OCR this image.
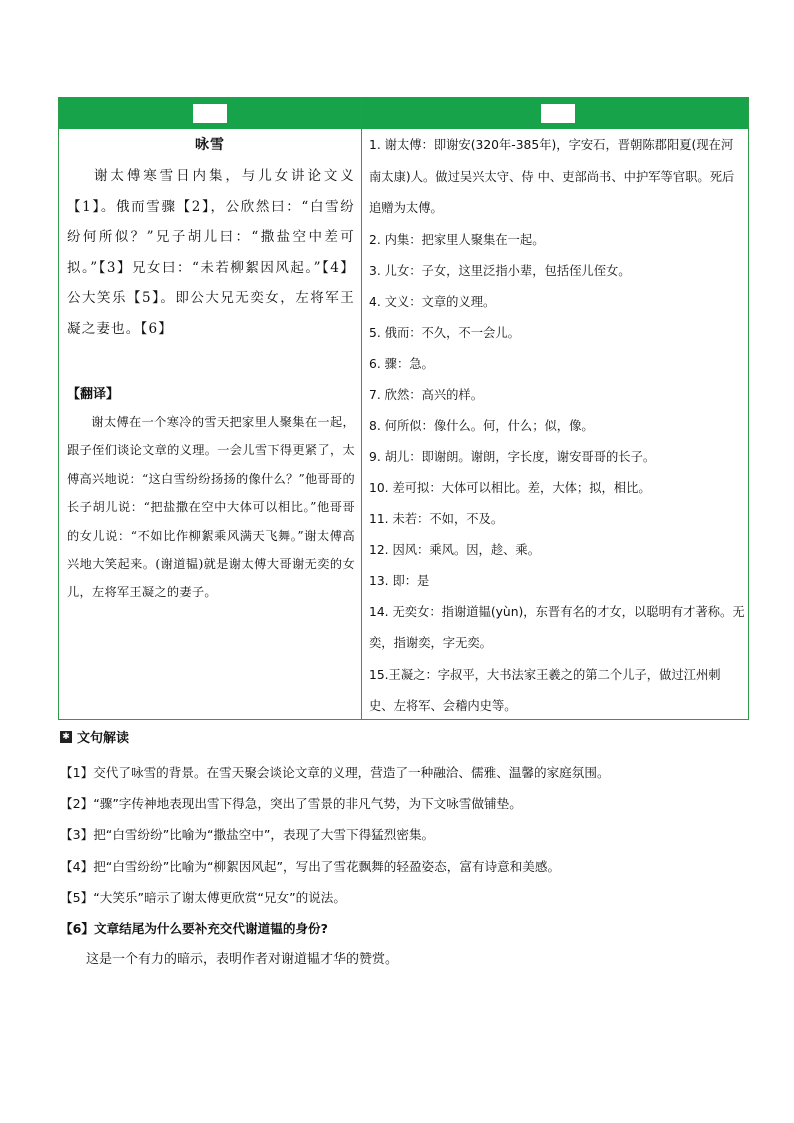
原文	注释
咏雪
谢太傅寒雪日内集，与儿女讲论文义【1】。俄而雪骤【2】，公欣然曰：“白雪纷纷何所似？”兄子胡儿曰：“撒盐空中差可拟。”【3】兄女曰：“未若柳絮因风起。”【4】公大笑乐【5】。即公大兄无奕女，左将军王凝之妻也。【6】
【翻译】
谢太傅在一个寒冷的雪天把家里人聚集在一起，跟子侄们谈论文章的义理。一会儿雪下得更紧了，太傅高兴地说：“这白雪纷纷扬扬的像什么？”他哥哥的长子胡儿说：“把盐撒在空中大体可以相比。”他哥哥的女儿说：“不如比作柳絮乘风满天飞舞。”谢太傅高兴地大笑起来。(谢道韫)就是谢太傅大哥谢无奕的女儿，左将军王凝之的妻子。
1. 谢太傅：即谢安(320年-385年)，字安石，晋朝陈郡阳夏(现在河南太康)人。做过吴兴太守、侍 中、吏部尚书、中护军等官职。死后追赠为太傅。
2. 内集：把家里人聚集在一起。
3. 儿女：子女，这里泛指小辈，包括侄儿侄女。
4. 文义：文章的义理。
5. 俄而：不久，不一会儿。
6. 骤：急。
7. 欣然：高兴的样。
8. 何所似：像什么。何，什么；似，像。
9. 胡儿：即谢朗。谢朗，字长度，谢安哥哥的长子。
10. 差可拟：大体可以相比。差，大体；拟，相比。
11. 未若：不如，不及。
12. 因风：乘风。因，趁、乘。
13. 即：是
14. 无奕女：指谢道韫(yùn)，东晋有名的才女，以聪明有才著称。无奕，指谢奕，字无奕。
15.王凝之：字叔平，大书法家王羲之的第二个儿子，做过江州刺史、左将军、会稽内史等。
✱ 文句解读
【1】交代了咏雪的背景。在雪天聚会谈论文章的义理，营造了一种融洽、儒雅、温馨的家庭氛围。
【2】“骤”字传神地表现出雪下得急，突出了雪景的非凡气势，为下文咏雪做铺垫。
【3】把“白雪纷纷”比喻为“撒盐空中”，表现了大雪下得猛烈密集。
【4】把“白雪纷纷”比喻为“柳絮因风起”，写出了雪花飘舞的轻盈姿态，富有诗意和美感。
【5】“大笑乐”暗示了谢太傅更欣赏“兄女”的说法。
【6】文章结尾为什么要补充交代谢道韫的身份?
这是一个有力的暗示，表明作者对谢道韫才华的赞赏。
